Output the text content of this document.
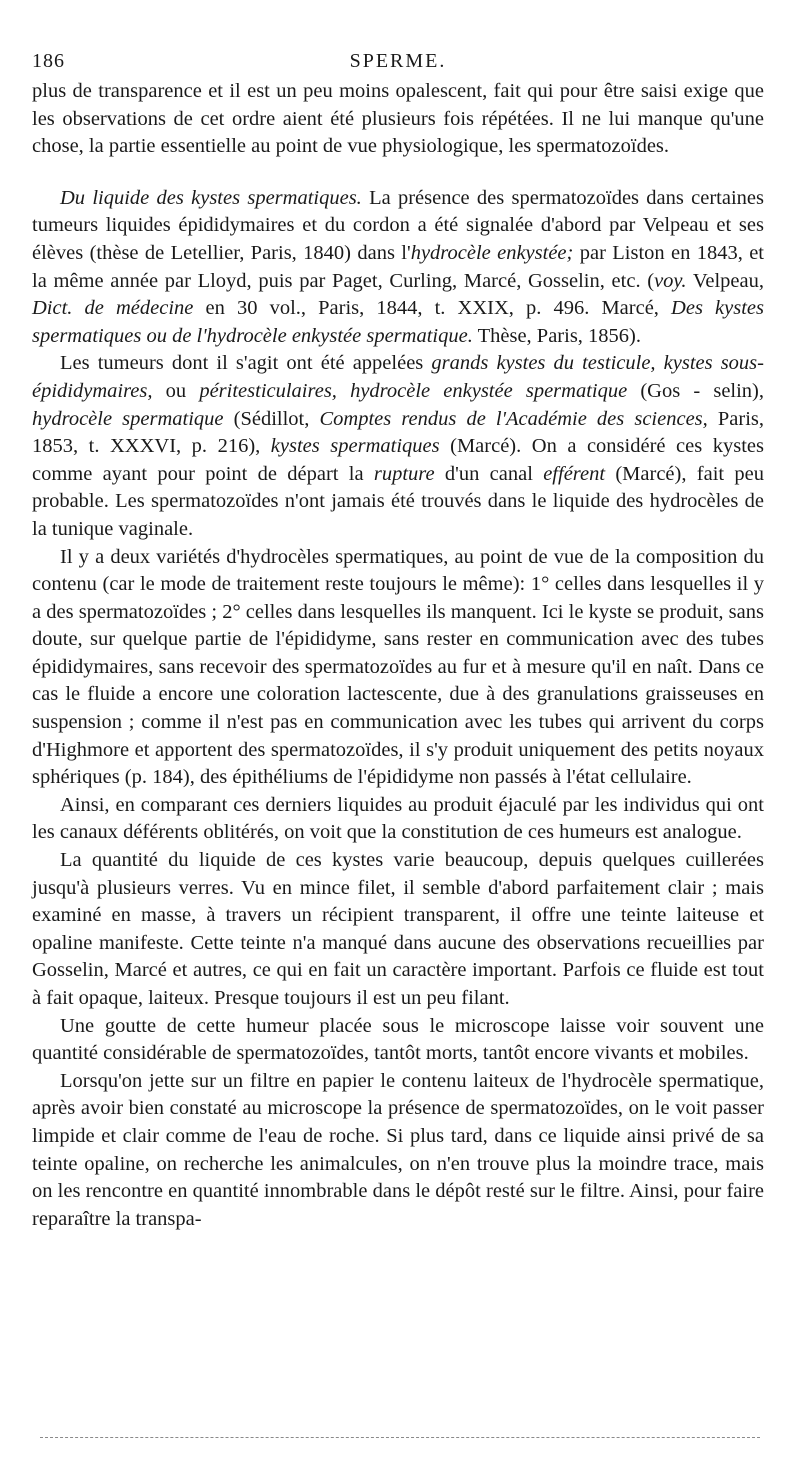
186	SPERME.

plus de transparence et il est un peu moins opalescent, fait qui pour être saisi exige que les observations de cet ordre aient été plusieurs fois répétées. Il ne lui manque qu'une chose, la partie essentielle au point de vue physiologique, les spermatozoïdes.

Du liquide des kystes spermatiques. La présence des spermatozoïdes dans certaines tumeurs liquides épididymaires et du cordon a été signalée d'abord par Velpeau et ses élèves (thèse de Letellier, Paris, 1840) dans l'hydrocèle enkystée; par Liston en 1843, et la même année par Lloyd, puis par Paget, Curling, Marcé, Gosselin, etc. (voy. Velpeau, Dict. de médecine en 30 vol., Paris, 1844, t. XXIX, p. 496. Marcé, Des kystes spermatiques ou de l'hydrocèle enkystée spermatique. Thèse, Paris, 1856).

Les tumeurs dont il s'agit ont été appelées grands kystes du testicule, kystes sous-épididymaires, ou péritesticulaires, hydrocèle enkystée spermatique (Gos - selin), hydrocèle spermatique (Sédillot, Comptes rendus de l'Académie des sciences, Paris, 1853, t. XXXVI, p. 216), kystes spermatiques (Marcé). On a considéré ces kystes comme ayant pour point de départ la rupture d'un canal efférent (Marcé), fait peu probable. Les spermatozoïdes n'ont jamais été trouvés dans le liquide des hydrocèles de la tunique vaginale.

Il y a deux variétés d'hydrocèles spermatiques, au point de vue de la composition du contenu (car le mode de traitement reste toujours le même): 1° celles dans lesquelles il y a des spermatozoïdes ; 2° celles dans lesquelles ils manquent. Ici le kyste se produit, sans doute, sur quelque partie de l'épididyme, sans rester en communication avec des tubes épididymaires, sans recevoir des spermatozoïdes au fur et à mesure qu'il en naît. Dans ce cas le fluide a encore une coloration lactescente, due à des granulations graisseuses en suspension ; comme il n'est pas en communication avec les tubes qui arrivent du corps d'Highmore et apportent des spermatozoïdes, il s'y produit uniquement des petits noyaux sphériques (p. 184), des épithéliums de l'épididyme non passés à l'état cellulaire.

Ainsi, en comparant ces derniers liquides au produit éjaculé par les individus qui ont les canaux déférents oblitérés, on voit que la constitution de ces humeurs est analogue.

La quantité du liquide de ces kystes varie beaucoup, depuis quelques cuillerées jusqu'à plusieurs verres. Vu en mince filet, il semble d'abord parfaitement clair ; mais examiné en masse, à travers un récipient transparent, il offre une teinte laiteuse et opaline manifeste. Cette teinte n'a manqué dans aucune des observations recueillies par Gosselin, Marcé et autres, ce qui en fait un caractère important. Parfois ce fluide est tout à fait opaque, laiteux. Presque toujours il est un peu filant.

Une goutte de cette humeur placée sous le microscope laisse voir souvent une quantité considérable de spermatozoïdes, tantôt morts, tantôt encore vivants et mobiles.

Lorsqu'on jette sur un filtre en papier le contenu laiteux de l'hydrocèle spermatique, après avoir bien constaté au microscope la présence de spermatozoïdes, on le voit passer limpide et clair comme de l'eau de roche. Si plus tard, dans ce liquide ainsi privé de sa teinte opaline, on recherche les animalcules, on n'en trouve plus la moindre trace, mais on les rencontre en quantité innombrable dans le dépôt resté sur le filtre. Ainsi, pour faire reparaître la transpa-
